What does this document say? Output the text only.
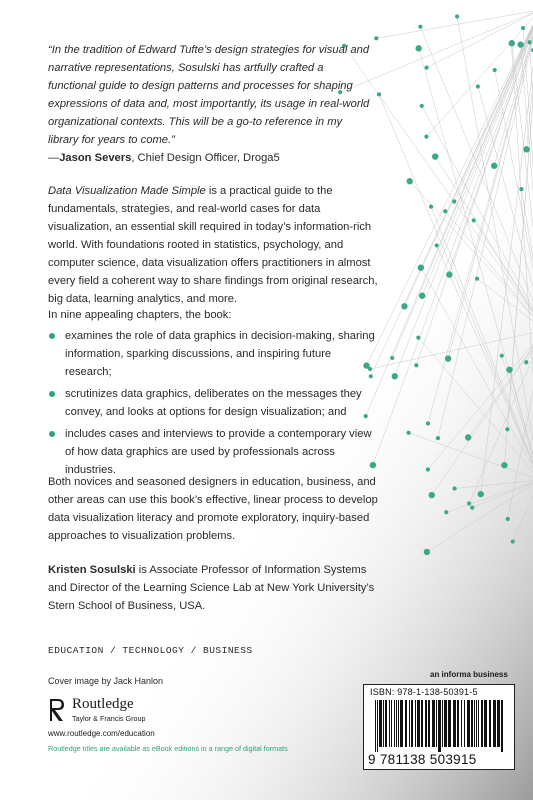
“In the tradition of Edward Tufte’s design strategies for visual and narrative representations, Sosulski has artfully crafted a functional guide to design patterns and processes for shaping expressions of data and, most importantly, its usage in real-world organizational contexts. This will be a go-to reference in my library for years to come.”
—Jason Severs, Chief Design Officer, Droga5
Data Visualization Made Simple is a practical guide to the fundamentals, strategies, and real-world cases for data visualization, an essential skill required in today’s information-rich world. With foundations rooted in statistics, psychology, and computer science, data visualization offers practitioners in almost every field a coherent way to share findings from original research, big data, learning analytics, and more.
In nine appealing chapters, the book:
examines the role of data graphics in decision-making, sharing information, sparking discussions, and inspiring future research;
scrutinizes data graphics, deliberates on the messages they convey, and looks at options for design visualization; and
includes cases and interviews to provide a contemporary view of how data graphics are used by professionals across industries.
Both novices and seasoned designers in education, business, and other areas can use this book’s effective, linear process to develop data visualization literacy and promote exploratory, inquiry-based approaches to visualization problems.
Kristen Sosulski is Associate Professor of Information Systems and Director of the Learning Science Lab at New York University’s Stern School of Business, USA.
EDUCATION / TECHNOLOGY / BUSINESS
Cover image by Jack Hanlon
Routledge
Taylor & Francis Group
www.routledge.com/education
Routledge titles are available as eBook editions in a range of digital formats
an informa business
ISBN: 978-1-138-50391-5
9 781138 503915
